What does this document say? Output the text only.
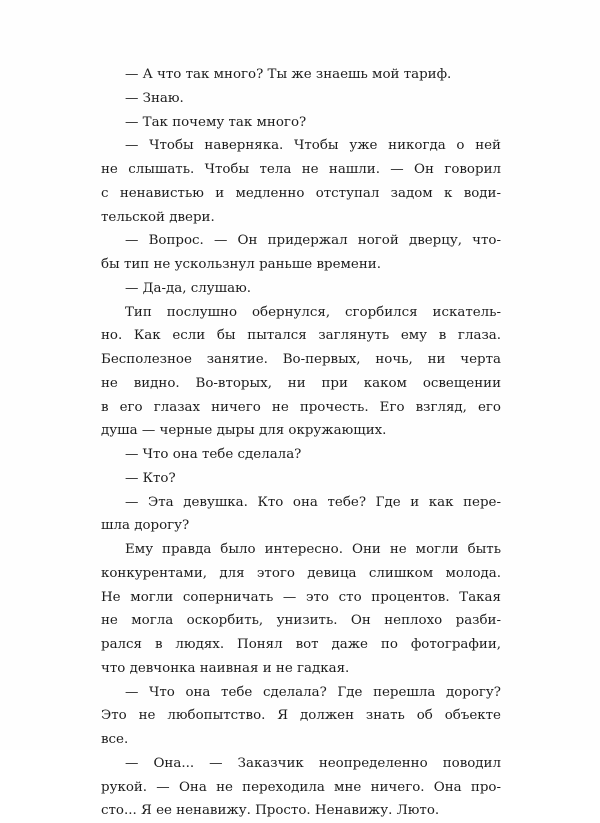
— А что так много? Ты же знаешь мой тариф.
— Знаю.
— Так почему так много?
— Чтобы наверняка. Чтобы уже никогда о ней
не слышать. Чтобы тела не нашли. — Он говорил
с ненавистью и медленно отступал задом к води-
тельской двери.
— Вопрос. — Он придержал ногой дверцу, что-
бы тип не ускользнул раньше времени.
— Да-да, слушаю.
Тип послушно обернулся, сгорбился искатель-
но. Как если бы пытался заглянуть ему в глаза.
Бесполезное занятие. Во-первых, ночь, ни черта
не видно. Во-вторых, ни при каком освещении
в его глазах ничего не прочесть. Его взгляд, его
душа — черные дыры для окружающих.
— Что она тебе сделала?
— Кто?
— Эта девушка. Кто она тебе? Где и как пере-
шла дорогу?
Ему правда было интересно. Они не могли быть
конкурентами, для этого девица слишком молода.
Не могли соперничать — это сто процентов. Такая
не могла оскорбить, унизить. Он неплохо разби-
рался в людях. Понял вот даже по фотографии,
что девчонка наивная и не гадкая.
— Что она тебе сделала? Где перешла дорогу?
Это не любопытство. Я должен знать об объекте
все.
— Она... — Заказчик неопределенно поводил
рукой. — Она не переходила мне ничего. Она про-
сто... Я ее ненавижу. Просто. Ненавижу. Люто.
